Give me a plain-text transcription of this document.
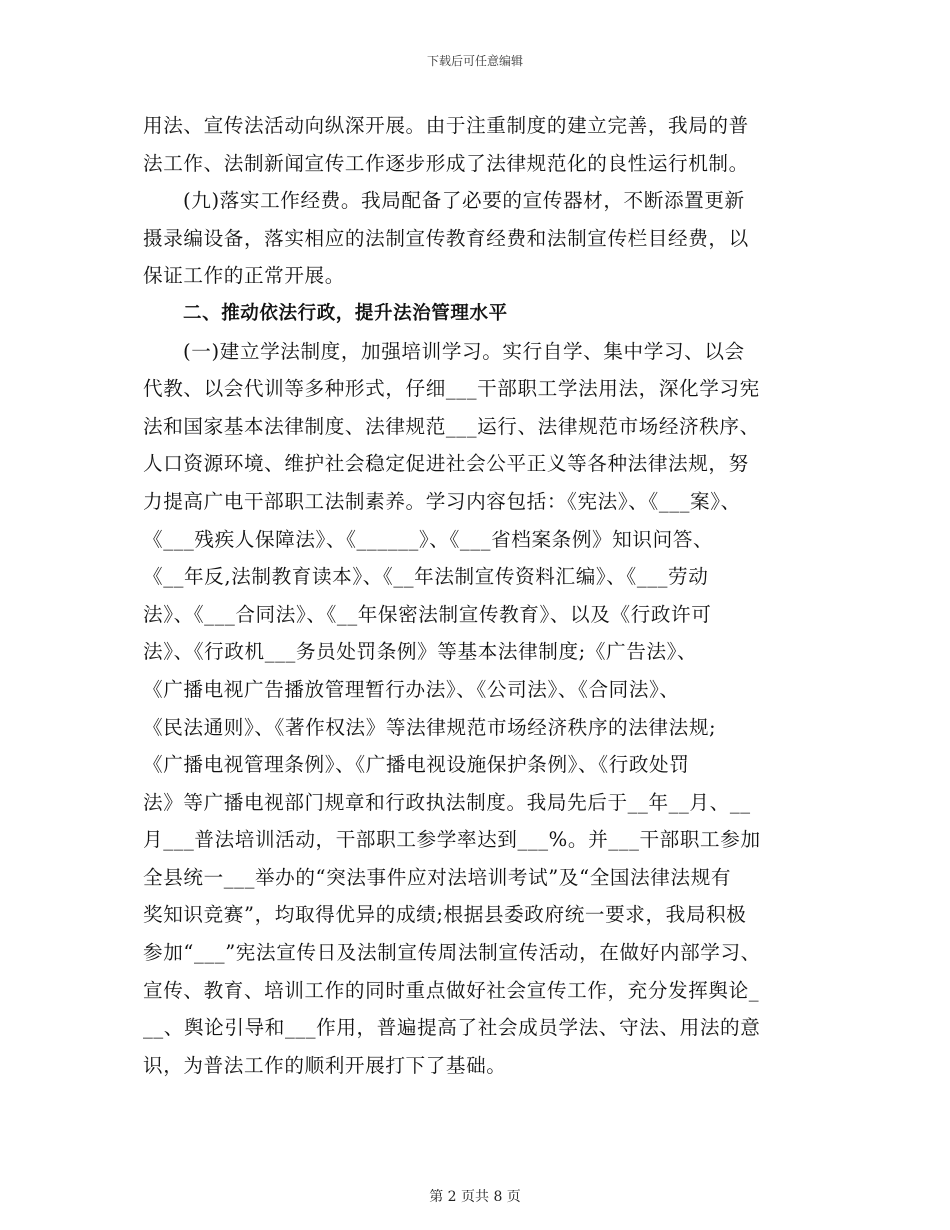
下载后可任意编辑
用法、宣传法活动向纵深开展。由于注重制度的建立完善，我局的普
法工作、法制新闻宣传工作逐步形成了法律规范化的良性运行机制。
(九)落实工作经费。我局配备了必要的宣传器材，不断添置更新
摄录编设备，落实相应的法制宣传教育经费和法制宣传栏目经费，以
保证工作的正常开展。
二、推动依法行政，提升法治管理水平
(一)建立学法制度，加强培训学习。实行自学、集中学习、以会
代教、以会代训等多种形式，仔细___干部职工学法用法，深化学习宪
法和国家基本法律制度、法律规范___运行、法律规范市场经济秩序、
人口资源环境、维护社会稳定促进社会公平正义等各种法律法规，努
力提高广电干部职工法制素养。学习内容包括：《宪法》、《___案》、
《___残疾人保障法》、《______》、《___省档案条例》知识问答、
《__年反,法制教育读本》、《__年法制宣传资料汇编》、《___劳动
法》、《___合同法》、《__年保密法制宣传教育》、以及《行政许可
法》、《行政机___务员处罚条例》等基本法律制度;《广告法》、
《广播电视广告播放管理暂行办法》、《公司法》、《合同法》、
《民法通则》、《著作权法》等法律规范市场经济秩序的法律法规;
《广播电视管理条例》、《广播电视设施保护条例》、《行政处罚
法》等广播电视部门规章和行政执法制度。我局先后于__年__月、__
月___普法培训活动，干部职工参学率达到___%。并___干部职工参加
全县统一___举办的“突法事件应对法培训考试”及“全国法律法规有
奖知识竞赛”，均取得优异的成绩;根据县委政府统一要求，我局积极
参加“___”宪法宣传日及法制宣传周法制宣传活动，在做好内部学习、
宣传、教育、培训工作的同时重点做好社会宣传工作，充分发挥舆论_
__、舆论引导和___作用，普遍提高了社会成员学法、守法、用法的意
识，为普法工作的顺利开展打下了基础。
第 2 页共 8 页
